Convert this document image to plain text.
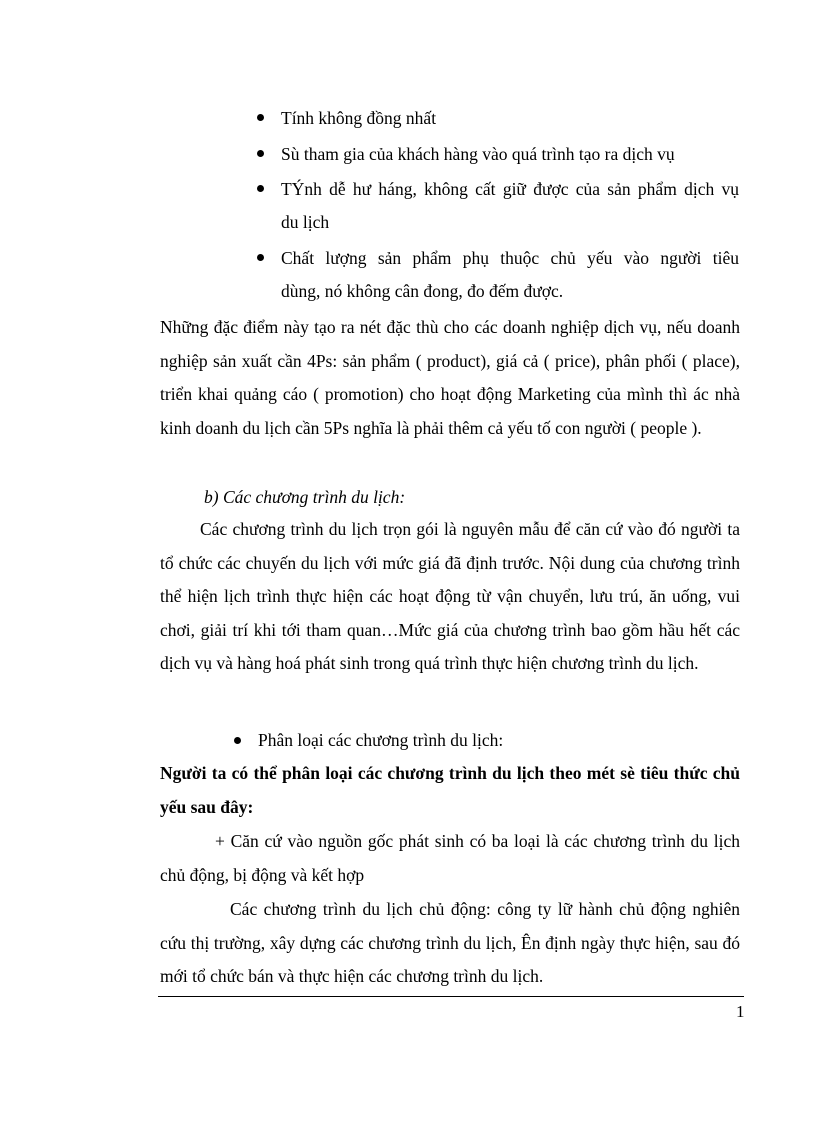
Tính không đồng nhất
Sù tham gia của khách hàng vào quá trình tạo ra dịch vụ
TÝnh dễ hư háng, không cất giữ được của sản phẩm dịch vụ
du lịch
Chất lượng sản phẩm phụ thuộc chủ yếu vào người tiêu
dùng, nó không cân đong, đo đếm được.
Những đặc điểm này tạo ra nét đặc thù cho các doanh nghiệp dịch vụ, nếu doanh nghiệp sản xuất cần 4Ps: sản phẩm ( product), giá cả ( price), phân phối ( place), triển khai quảng cáo ( promotion) cho hoạt động Marketing của mình thì ác nhà kinh doanh du lịch cần 5Ps nghĩa là phải thêm cả yếu tố con người ( people ).
b) Các chương trình du lịch:
Các chương trình du lịch trọn gói là nguyên mẫu để căn cứ vào đó người ta tổ chức các chuyến du lịch với mức giá đã định trước. Nội dung của chương trình thể hiện lịch trình thực hiện các hoạt động từ vận chuyển, lưu trú, ăn uống, vui chơi, giải trí khi tới tham quan…Mức giá của chương trình bao gồm hầu hết các dịch vụ và hàng hoá phát sinh trong quá trình thực hiện chương trình du lịch.
Phân loại các chương trình du lịch:
Người ta có thể phân loại các chương trình du lịch theo mét sè tiêu thức chủ yếu sau đây:
+ Căn cứ vào nguồn gốc phát sinh có ba loại là các chương trình du lịch chủ động, bị động và kết hợp
Các chương trình du lịch chủ động: công ty lữ hành chủ động nghiên cứu thị trường, xây dựng các chương trình du lịch, Ên định ngày thực hiện, sau đó mới tổ chức bán và thực hiện các chương trình du lịch.
1
